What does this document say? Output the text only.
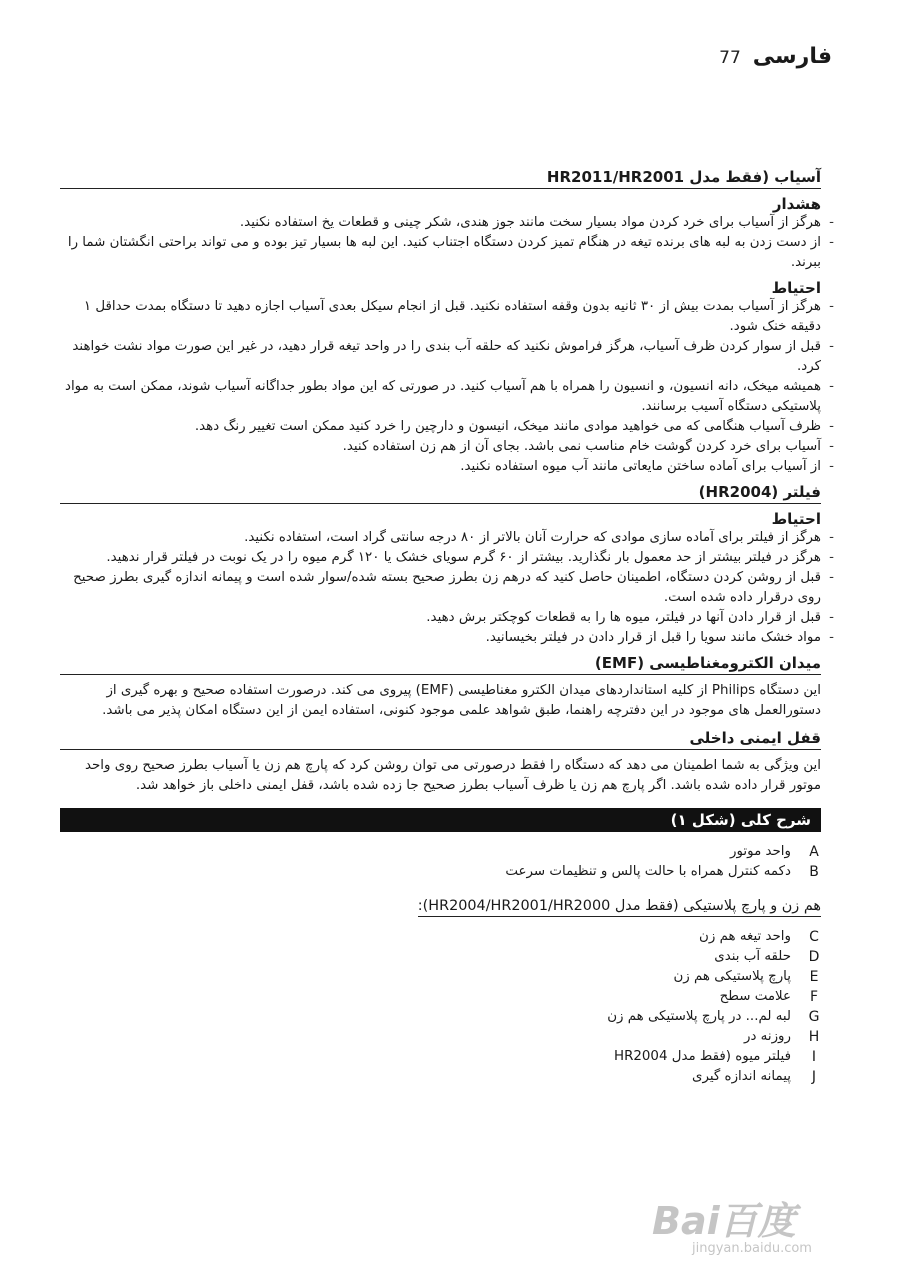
77 فارسی
آسیاب (فقط مدل HR2011/HR2001
هشدار
-
هرگز از آسیاب برای خرد کردن مواد بسیار سخت مانند جوز هندی، شکر چینی و قطعات یخ استفاده نکنید.
-
از دست زدن به لبه های برنده تیغه در هنگام تمیز کردن دستگاه اجتناب کنید. این لبه ها بسیار تیز بوده و می تواند براحتی انگشتان شما را ببرند.
احتیاط
-
هرگز از آسیاب بمدت بیش از ۳۰ ثانیه بدون وقفه استفاده نکنید. قبل از انجام سیکل بعدی آسیاب اجازه دهید تا دستگاه بمدت حداقل ۱ دقیقه خنک شود.
-
قبل از سوار کردن ظرف آسیاب، هرگز فراموش نکنید که حلقه آب بندی را در واحد تیغه قرار دهید، در غیر این صورت مواد نشت خواهند کرد.
-
همیشه میخک، دانه انسیون، و انسیون را همراه با هم آسیاب کنید. در صورتی که این مواد بطور جداگانه آسیاب شوند، ممکن است به مواد پلاستیکی دستگاه آسیب برسانند.
-
ظرف آسیاب هنگامی که می خواهید موادی مانند میخک، انیسون و دارچین را خرد کنید ممکن است تغییر رنگ دهد.
-
آسیاب برای خرد کردن گوشت خام مناسب نمی باشد. بجای آن از هم زن استفاده کنید.
-
از آسیاب برای آماده ساختن مایعاتی مانند آب میوه استفاده نکنید.
فیلتر (HR2004)
احتیاط
-
هرگز از فیلتر برای آماده سازی موادی که حرارت آنان بالاتر از ۸۰ درجه سانتی گراد است، استفاده نکنید.
-
هرگز در فیلتر بیشتر از حد معمول بار نگذارید. بیشتر از ۶۰ گرم سویای خشک یا ۱۲۰ گرم میوه را در یک نوبت در فیلتر قرار ندهید.
-
قبل از روشن کردن دستگاه، اطمینان حاصل کنید که درهم زن بطرز صحیح بسته شده/سوار شده است و پیمانه اندازه گیری بطرز صحیح روی درقرار داده شده است.
-
قبل از قرار دادن آنها در فیلتر، میوه ها را به قطعات کوچکتر برش دهید.
-
مواد خشک مانند سویا را قبل از قرار دادن در فیلتر بخیسانید.
میدان الکترومغناطیسی (EMF)

این دستگاه Philips از کلیه استانداردهای میدان الکترو مغناطیسی (EMF) پیروی می کند. درصورت استفاده صحیح و بهره گیری از دستورالعمل های موجود در این دفترچه راهنما، طبق شواهد علمی موجود کنونی، استفاده ایمن از این دستگاه امکان پذیر می باشد.

قفل ایمنی داخلی

این ویژگی به شما اطمینان می دهد که دستگاه را فقط درصورتی می توان روشن کرد که پارچ هم زن یا آسیاب بطرز صحیح روی واحد موتور قرار داده شده باشد. اگر پارچ هم زن یا ظرف آسیاب بطرز صحیح جا زده شده باشد، قفل ایمنی داخلی باز خواهد شد.

شرح کلی (شکل ۱)
A
واحد موتور
B
دکمه کنترل همراه با حالت پالس و تنظیمات سرعت
هم زن و پارچ پلاستیکی (فقط مدل HR2004/HR2001/HR2000):
C
واحد تیغه هم زن
D
حلقه آب بندی
E
پارچ پلاستیکی هم زن
F
علامت سطح
G
لبه لم... در پارچ پلاستیکی هم زن
H
روزنه در
I
فیلتر میوه (فقط مدل HR2004
J
پیمانه اندازه گیری
Bai百度
jingyan.baidu.com
